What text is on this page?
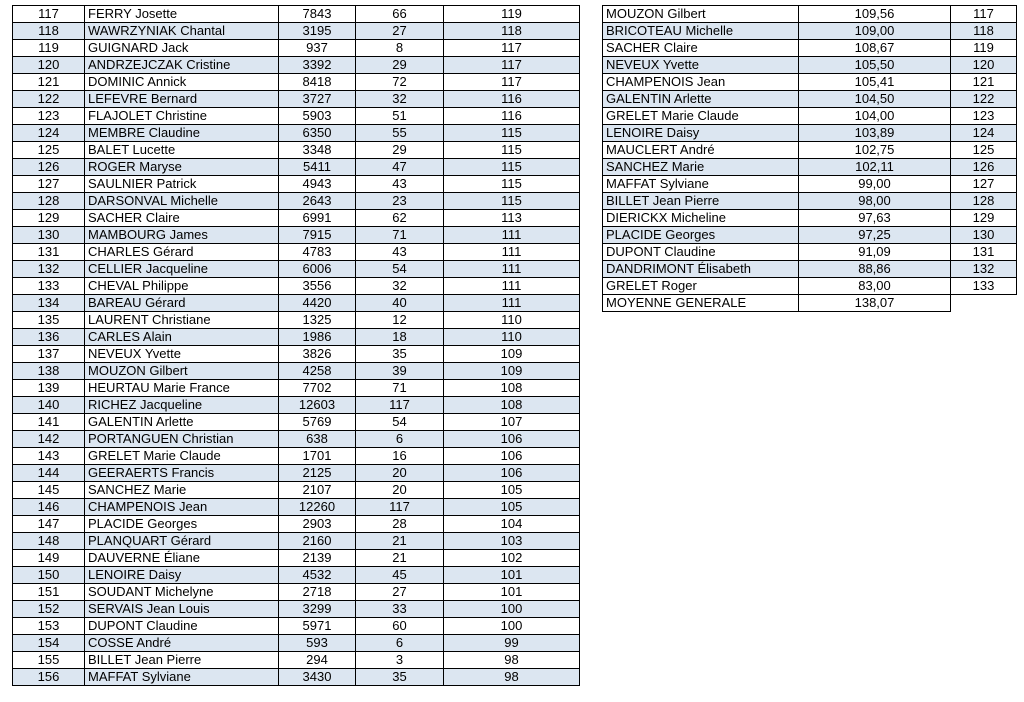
117	FERRY Josette	7843	66	119
118	WAWRZYNIAK Chantal	3195	27	118
119	GUIGNARD Jack	937	8	117
120	ANDRZEJCZAK Cristine	3392	29	117
121	DOMINIC Annick	8418	72	117
122	LEFEVRE Bernard	3727	32	116
123	FLAJOLET Christine	5903	51	116
124	MEMBRE Claudine	6350	55	115
125	BALET Lucette	3348	29	115
126	ROGER Maryse	5411	47	115
127	SAULNIER Patrick	4943	43	115
128	DARSONVAL Michelle	2643	23	115
129	SACHER Claire	6991	62	113
130	MAMBOURG James	7915	71	111
131	CHARLES Gérard	4783	43	111
132	CELLIER Jacqueline	6006	54	111
133	CHEVAL Philippe	3556	32	111
134	BAREAU Gérard	4420	40	111
135	LAURENT Christiane	1325	12	110
136	CARLES Alain	1986	18	110
137	NEVEUX Yvette	3826	35	109
138	MOUZON Gilbert	4258	39	109
139	HEURTAU Marie France	7702	71	108
140	RICHEZ Jacqueline	12603	117	108
141	GALENTIN Arlette	5769	54	107
142	PORTANGUEN Christian	638	6	106
143	GRELET Marie Claude	1701	16	106
144	GEERAERTS Francis	2125	20	106
145	SANCHEZ Marie	2107	20	105
146	CHAMPENOIS Jean	12260	117	105
147	PLACIDE Georges	2903	28	104
148	PLANQUART Gérard	2160	21	103
149	DAUVERNE Éliane	2139	21	102
150	LENOIRE Daisy	4532	45	101
151	SOUDANT Michelyne	2718	27	101
152	SERVAIS Jean Louis	3299	33	100
153	DUPONT Claudine	5971	60	100
154	COSSE André	593	6	99
155	BILLET Jean Pierre	294	3	98
156	MAFFAT Sylviane	3430	35	98
MOUZON Gilbert	109,56	117
BRICOTEAU Michelle	109,00	118
SACHER Claire	108,67	119
NEVEUX Yvette	105,50	120
CHAMPENOIS Jean	105,41	121
GALENTIN Arlette	104,50	122
GRELET Marie Claude	104,00	123
LENOIRE Daisy	103,89	124
MAUCLERT André	102,75	125
SANCHEZ Marie	102,11	126
MAFFAT Sylviane	99,00	127
BILLET Jean Pierre	98,00	128
DIERICKX Micheline	97,63	129
PLACIDE Georges	97,25	130
DUPONT Claudine	91,09	131
DANDRIMONT Élisabeth	88,86	132
GRELET Roger	83,00	133
MOYENNE GENERALE	138,07	
